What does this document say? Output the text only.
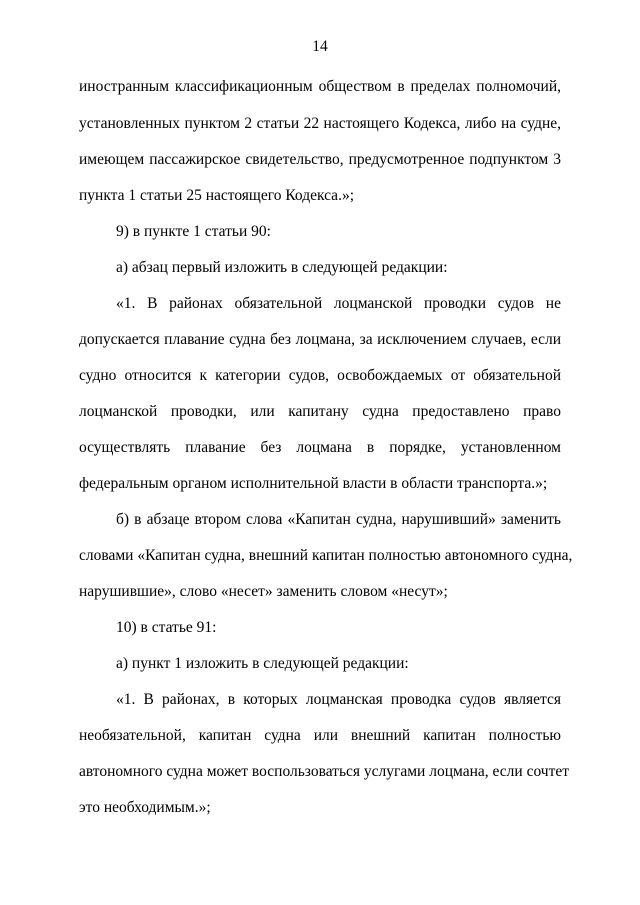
14
иностранным классификационным обществом в пределах полномочий,
установленных пунктом 2 статьи 22 настоящего Кодекса, либо на судне,
имеющем пассажирское свидетельство, предусмотренное подпунктом 3
пункта 1 статьи 25 настоящего Кодекса.»;
9) в пункте 1 статьи 90:
а) абзац первый изложить в следующей редакции:
«1. В районах обязательной лоцманской проводки судов не
допускается плавание судна без лоцмана, за исключением случаев, если
судно относится к категории судов, освобождаемых от обязательной
лоцманской проводки, или капитану судна предоставлено право
осуществлять плавание без лоцмана в порядке, установленном
федеральным органом исполнительной власти в области транспорта.»;
б) в абзаце втором слова «Капитан судна, нарушивший» заменить
словами «Капитан судна, внешний капитан полностью автономного судна,
нарушившие», слово «несет» заменить словом «несут»;
10) в статье 91:
а) пункт 1 изложить в следующей редакции:
«1. В районах, в которых лоцманская проводка судов является
необязательной, капитан судна или внешний капитан полностью
автономного судна может воспользоваться услугами лоцмана, если сочтет
это необходимым.»;
